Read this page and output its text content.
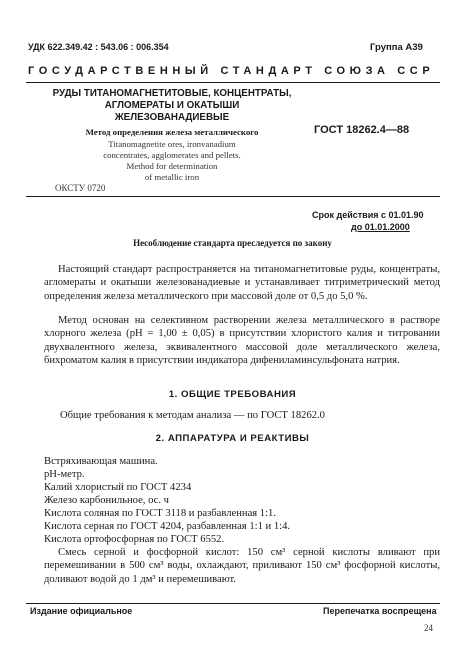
УДК 622.349.42 : 543.06 : 006.354	Группа А39
ГОСУДАРСТВЕННЫЙ СТАНДАРТ СОЮЗА ССР
РУДЫ ТИТАНОМАГНЕТИТОВЫЕ, КОНЦЕНТРАТЫ,
АГЛОМЕРАТЫ И ОКАТЫШИ
ЖЕЛЕЗОВАНАДИЕВЫЕ
Метод определения железа металлического
Titanomagnetite ores, ironvanadium
concentrates, agglomerates and pellets.
Method for determination
of metallic iron
ГОСТ 18262.4—88
ОКСТУ 0720
Срок действия с 01.01.90
до 01.01.2000
Несоблюдение стандарта преследуется по закону
Настоящий стандарт распространяется на титаномагнетитовые руды, концентраты, агломераты и окатыши железованадиевые и устанавливает титриметрический метод определения железа металлического при массовой доле от 0,5 до 5,0 %.
Метод основан на селективном растворении железа металлического в растворе хлорного железа (pH = 1,00 ± 0,05) в присутствии хлористого калия и титровании двухвалентного железа, эквивалентного массовой доле металлического железа, бихроматом калия в присутствии индикатора дифениламинсульфоната натрия.
1. ОБЩИЕ ТРЕБОВАНИЯ
Общие требования к методам анализа — по ГОСТ 18262.0
2. АППАРАТУРА И РЕАКТИВЫ
Встряхивающая машина.
pH-метр.
Калий хлористый по ГОСТ 4234
Железо карбонильное, ос. ч
Кислота соляная по ГОСТ 3118 и разбавленная 1:1.
Кислота серная по ГОСТ 4204, разбавленная 1:1 и 1:4.
Кислота ортофосфорная по ГОСТ 6552.
Смесь серной и фосфорной кислот: 150 см³ серной кислоты вливают при перемешивании в 500 см³ воды, охлаждают, приливают 150 см³ фосфорной кислоты, доливают водой до 1 дм³ и перемешивают.
Издание официальное	Перепечатка воспрещена
24
